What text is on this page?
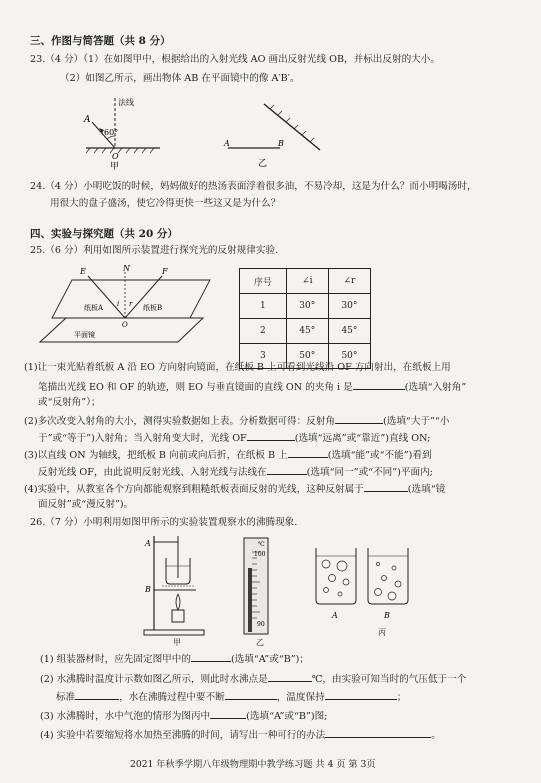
三、作图与简答题（共 8 分）
23.（4 分）（1）在如图甲中，根据给出的入射光线 AO 画出反射光线 OB，并标出反射的大小。
（2）如图乙所示，画出物体 AB 在平面镜中的像 A′B′。
法线
A
60°
O
甲
A	B
乙
24.（4 分）小明吃饭的时候，妈妈做好的热汤表面浮着很多油，不易冷却，这是为什么？而小明喝汤时，
用很大的盘子盛汤，使它冷得更快一些这又是为什么？
四、实验与探究题（共 20 分）
25.（6 分）利用如图所示装置进行探究光的反射规律实验.
E	N	F
i r
纸板A	纸板B
O
平面镜
序号	∠i	∠r
1	30°	30°
2	45°	45°
3	50°	50°
(1)让一束光贴着纸板 A 沿 EO 方向射向镜面，在纸板 B 上可看到光线沿 OF 方向射出，在纸板上用
笔描出光线 EO 和 OF 的轨迹，则 EO 与垂直镜面的直线 ON 的夹角 i 是	(选填“入射角”
或“反射角”）；
(2)多次改变入射角的大小，测得实验数据如上表。分析数据可得：反射角	(选填“大于”“小
于”或“等于”)入射角；当入射角变大时，光线 OF	(选填“远离”或“靠近”)直线 ON;
(3)以直线 ON 为轴线，把纸板 B 向前或向后折，在纸板 B 上	(选填“能”或“不能”)看到
反射光线 OF，由此说明反射光线、入射光线与法线在	(选填“同一”或“不同”)平面内;
(4)实验中，从教室各个方向都能观察到粗糙纸板表面反射的光线，这种反射属于	(选填“镜
面反射”或“漫反射”)。
26.（7 分）小明利用如图甲所示的实验装置观察水的沸腾现象.
A
B
甲
℃
100
90
乙
A	B
丙
(1) 组装器材时，应先固定图甲中的	(选填“A”或“B”)；
(2) 水沸腾时温度计示数如图乙所示，则此时水沸点是	℃，由实验可知当时的气压低于一个
标准	，水在沸腾过程中要不断	，温度保持	；
(3) 水沸腾时，水中气泡的情形为图丙中	(选填“A”或“B”)图;
(4) 实验中若要缩短将水加热至沸腾的时间，请写出一种可行的办法	。
2021 年秋季学期八年级物理期中教学练习题 共 4 页 第 3页
